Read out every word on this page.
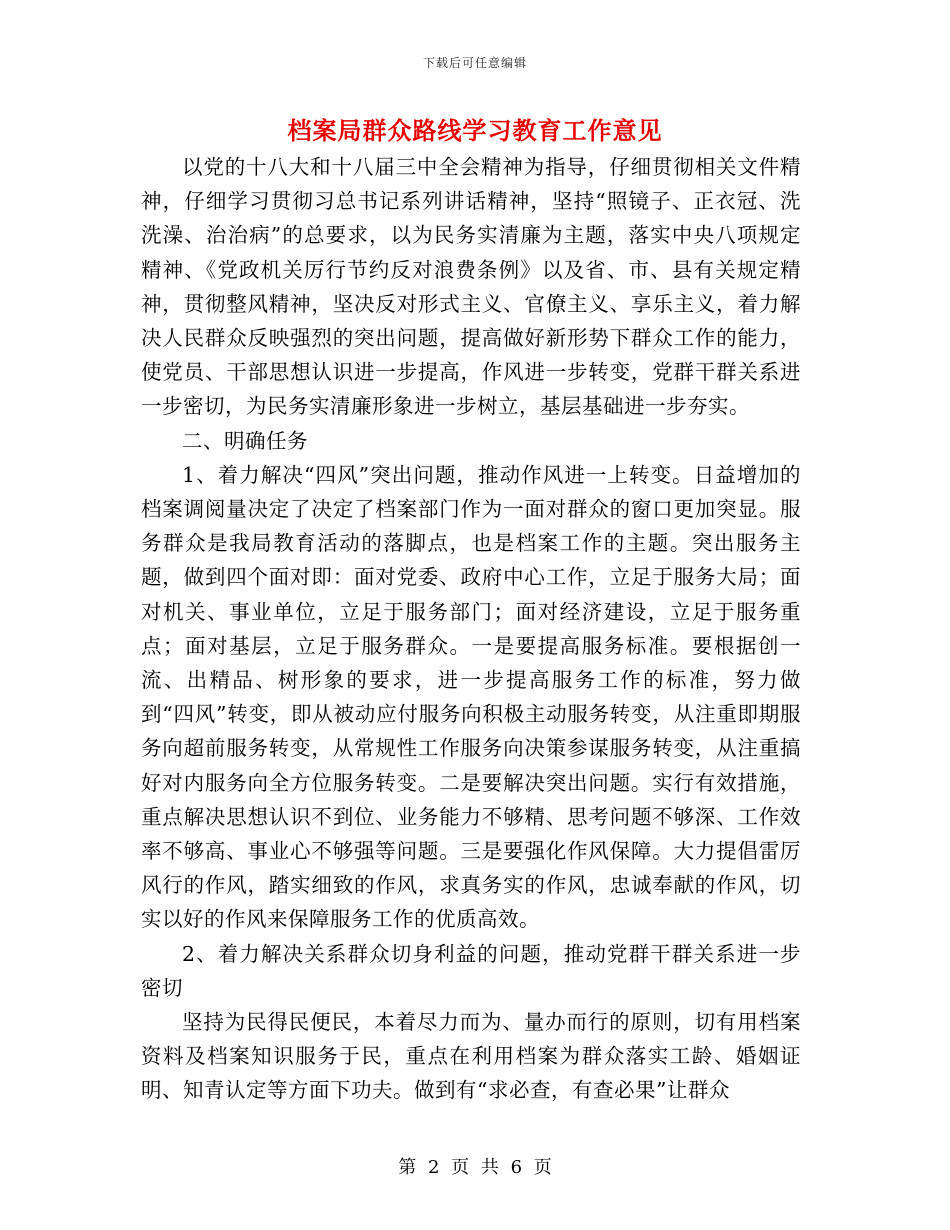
下载后可任意编辑
档案局群众路线学习教育工作意见

以党的十八大和十八届三中全会精神为指导，仔细贯彻相关文件精神，仔细学习贯彻习总书记系列讲话精神，坚持“照镜子、正衣冠、洗洗澡、治治病”的总要求，以为民务实清廉为主题，落实中央八项规定精神、《党政机关厉行节约反对浪费条例》以及省、市、县有关规定精神，贯彻整风精神，坚决反对形式主义、官僚主义、享乐主义，着力解决人民群众反映强烈的突出问题，提高做好新形势下群众工作的能力，使党员、干部思想认识进一步提高，作风进一步转变，党群干群关系进一步密切，为民务实清廉形象进一步树立，基层基础进一步夯实。

二、明确任务

1、着力解决“四风”突出问题，推动作风进一上转变。日益增加的档案调阅量决定了决定了档案部门作为一面对群众的窗口更加突显。服务群众是我局教育活动的落脚点，也是档案工作的主题。突出服务主题，做到四个面对即：面对党委、政府中心工作，立足于服务大局；面对机关、事业单位，立足于服务部门；面对经济建设，立足于服务重点；面对基层，立足于服务群众。一是要提高服务标准。要根据创一流、出精品、树形象的要求，进一步提高服务工作的标准，努力做到“四风”转变，即从被动应付服务向积极主动服务转变，从注重即期服务向超前服务转变，从常规性工作服务向决策参谋服务转变，从注重搞好对内服务向全方位服务转变。二是要解决突出问题。实行有效措施，重点解决思想认识不到位、业务能力不够精、思考问题不够深、工作效率不够高、事业心不够强等问题。三是要强化作风保障。大力提倡雷厉风行的作风，踏实细致的作风，求真务实的作风，忠诚奉献的作风，切实以好的作风来保障服务工作的优质高效。

2、着力解决关系群众切身利益的问题，推动党群干群关系进一步密切

坚持为民得民便民，本着尽力而为、量办而行的原则，切有用档案资料及档案知识服务于民，重点在利用档案为群众落实工龄、婚姻证明、知青认定等方面下功夫。做到有“求必查，有查必果”让群众

第 2 页 共 6 页
